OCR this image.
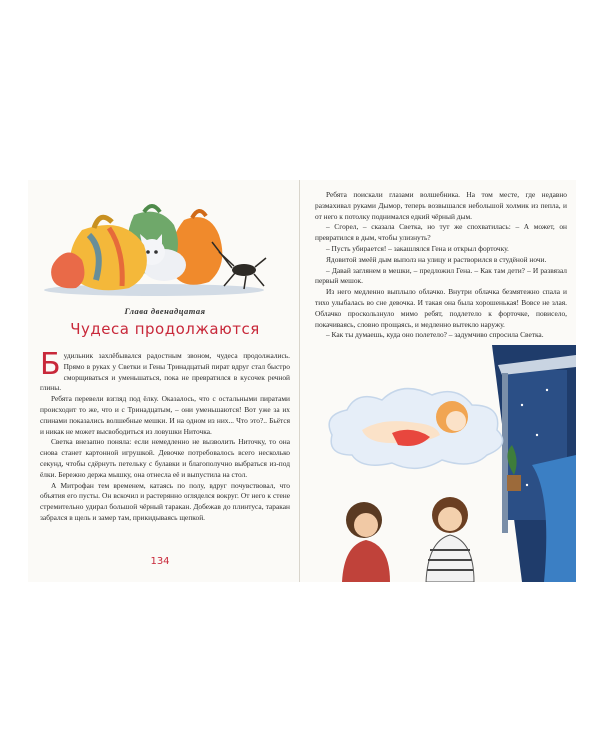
Глава двенадцатая
Чудеса продолжаются

Будильник захлёбывался радостным звоном, чудеса продолжались. Прямо в руках у Светки и Гены Тринадцатый пират вдруг стал быстро сморщиваться и уменьшаться, пока не превратился в кусочек речной глины.

Ребята перевели взгляд под ёлку. Оказалось, что с остальными пиратами происходит то же, что и с Тринадцатым, – они уменьшаются! Вот уже за их спинами показались волшебные мешки. И на одном из них... Что это?.. Бьётся и никак не может высвободиться из ловушки Ниточка.

Светка внезапно поняла: если немедленно не вызволить Ниточку, то она снова станет картонной игрушкой. Девочке потребовалось всего несколько секунд, чтобы сдёрнуть петельку с булавки и благополучно выбраться из-под ёлки. Бережно держа мышку, она отнесла её и выпустила на стол.

А Митрофан тем временем, катаясь по полу, вдруг почувствовал, что объятия его пусты. Он вскочил и растерянно огляделся вокруг. От него к стене стремительно удирал большой чёрный таракан. Добежав до плинтуса, таракан забрался в щель и замер там, прикидываясь щепкой.

134

Ребята поискали глазами волшебника. На том месте, где недавно размахивал руками Дымор, теперь возвышался небольшой холмик из пепла, и от него к потолку поднимался едкий чёрный дым.

– Сгорел, – сказала Светка, но тут же спохватилась: – А может, он превратился в дым, чтобы улизнуть?

– Пусть убирается! – закашлялся Гена и открыл форточку.

Ядовитой змеёй дым выполз на улицу и растворился в студёной ночи.

– Давай заглянем в мешки, – предложил Гена. – Как там дети? – И развязал первый мешок.

Из него медленно выплыло облачко. Внутри облачка безмятежно спала и тихо улыбалась во сне девочка. И такая она была хорошенькая! Вовсе не злая. Облачко проскользнуло мимо ребят, подлетело к форточке, повисело, покачиваясь, словно прощаясь, и медленно вытекло наружу.

– Как ты думаешь, куда оно полетело? – задумчиво спросила Светка.
